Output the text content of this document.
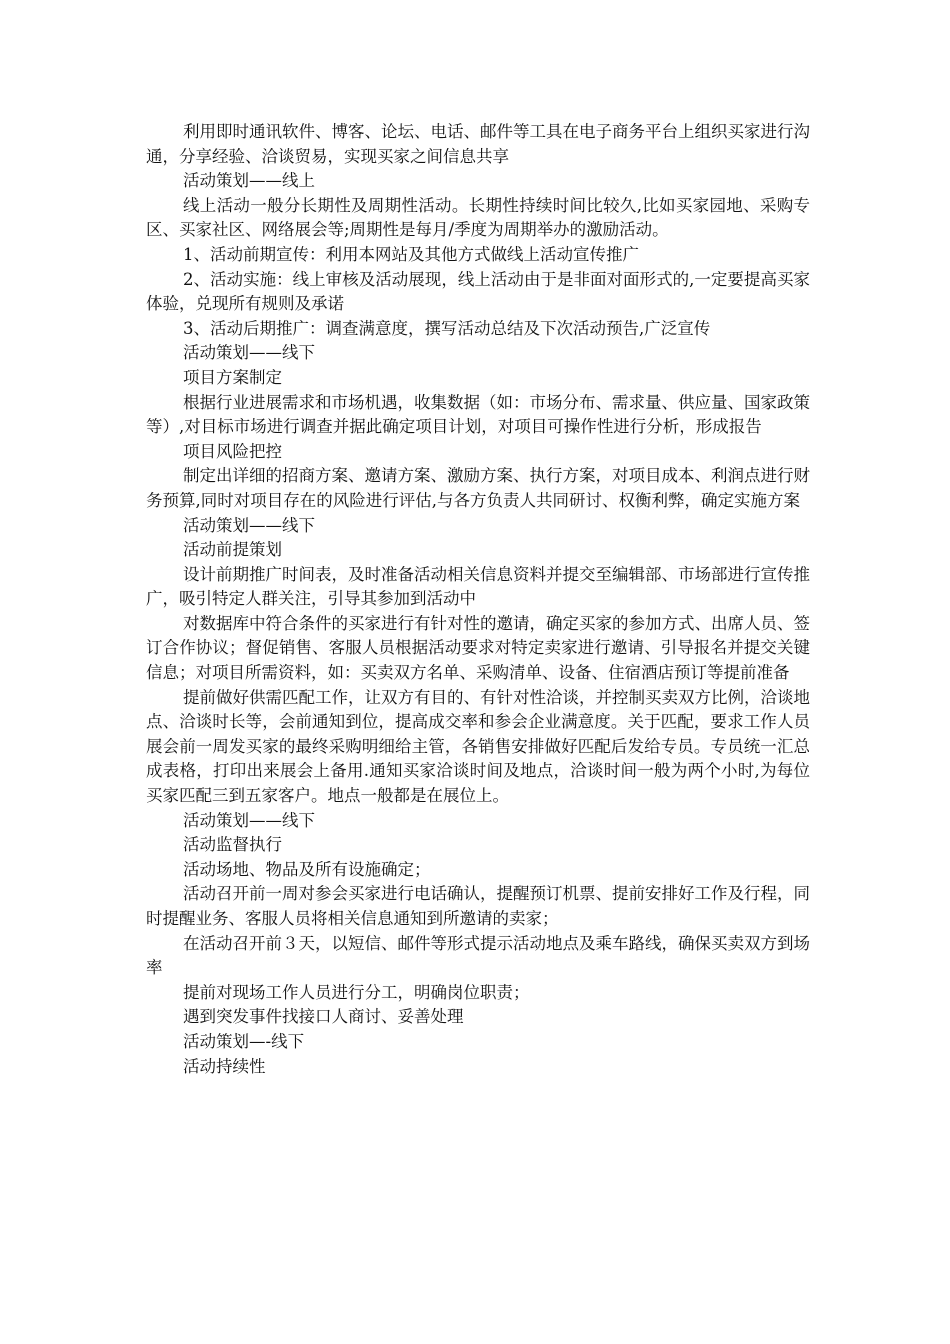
利用即时通讯软件、博客、论坛、电话、邮件等工具在电子商务平台上组织买家进行沟通，分享经验、洽谈贸易，实现买家之间信息共享

活动策划——线上

线上活动一般分长期性及周期性活动。长期性持续时间比较久,比如买家园地、采购专区、买家社区、网络展会等;周期性是每月/季度为周期举办的激励活动。

1、活动前期宣传：利用本网站及其他方式做线上活动宣传推广

2、活动实施：线上审核及活动展现，线上活动由于是非面对面形式的,一定要提高买家体验，兑现所有规则及承诺

3、活动后期推广：调查满意度，撰写活动总结及下次活动预告,广泛宣传

活动策划——线下

项目方案制定

根据行业进展需求和市场机遇，收集数据（如：市场分布、需求量、供应量、国家政策等）,对目标市场进行调查并据此确定项目计划，对项目可操作性进行分析，形成报告

项目风险把控

制定出详细的招商方案、邀请方案、激励方案、执行方案，对项目成本、利润点进行财务预算,同时对项目存在的风险进行评估,与各方负责人共同研讨、权衡利弊，确定实施方案

活动策划——线下

活动前提策划

设计前期推广时间表，及时准备活动相关信息资料并提交至编辑部、市场部进行宣传推广，吸引特定人群关注，引导其参加到活动中

对数据库中符合条件的买家进行有针对性的邀请，确定买家的参加方式、出席人员、签订合作协议；督促销售、客服人员根据活动要求对特定卖家进行邀请、引导报名并提交关键信息；对项目所需资料，如：买卖双方名单、采购清单、设备、住宿酒店预订等提前准备

提前做好供需匹配工作，让双方有目的、有针对性洽谈，并控制买卖双方比例，洽谈地点、洽谈时长等，会前通知到位，提高成交率和参会企业满意度。关于匹配，要求工作人员展会前一周发买家的最终采购明细给主管，各销售安排做好匹配后发给专员。专员统一汇总成表格，打印出来展会上备用.通知买家洽谈时间及地点，洽谈时间一般为两个小时,为每位买家匹配三到五家客户。地点一般都是在展位上。

活动策划——线下

活动监督执行

活动场地、物品及所有设施确定；

活动召开前一周对参会买家进行电话确认，提醒预订机票、提前安排好工作及行程，同时提醒业务、客服人员将相关信息通知到所邀请的卖家；

在活动召开前３天，以短信、邮件等形式提示活动地点及乘车路线，确保买卖双方到场率

提前对现场工作人员进行分工，明确岗位职责；

遇到突发事件找接口人商讨、妥善处理

活动策划—-线下

活动持续性
